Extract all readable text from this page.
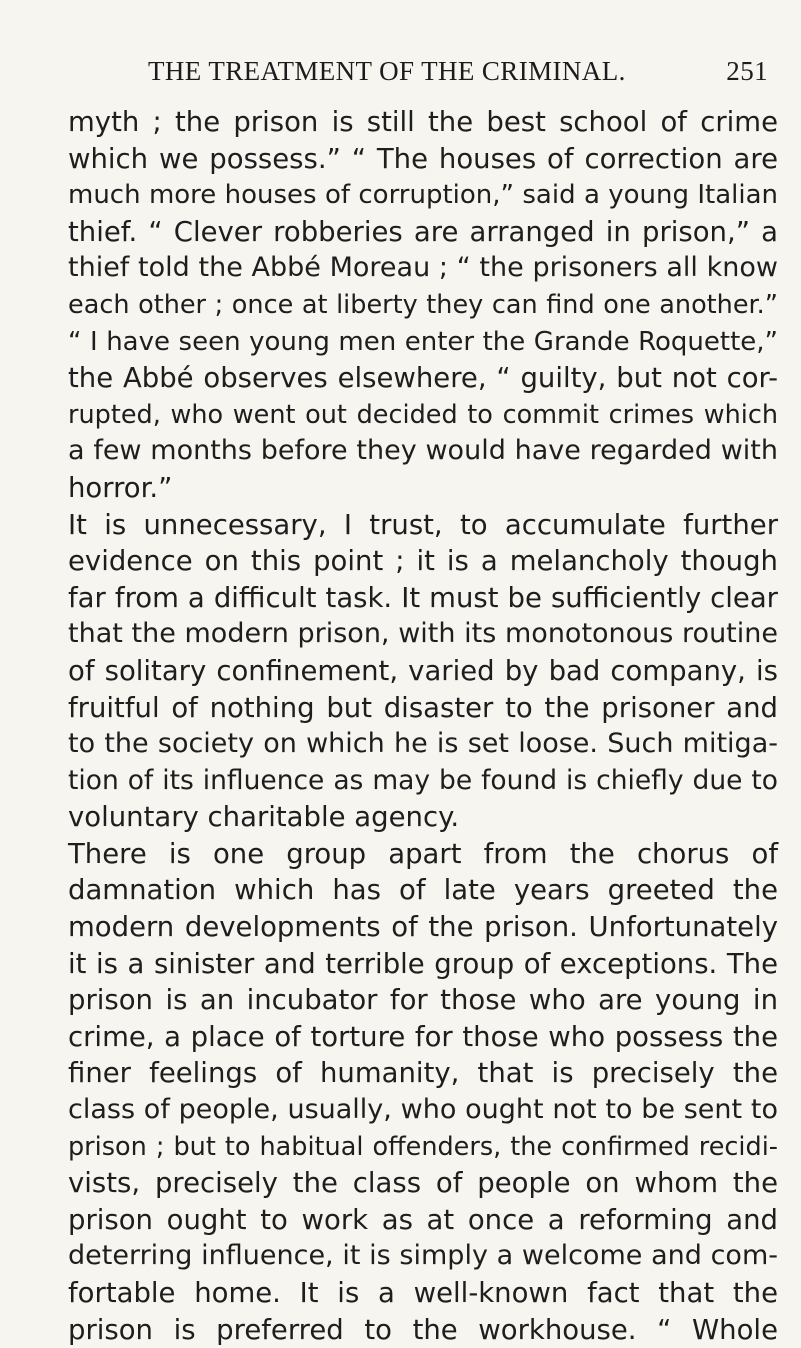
THE TREATMENT OF THE CRIMINAL.	251
myth ; the prison is still the best school of crime
which we possess.” “ The houses of correction are
much more houses of corruption,” said a young Italian
thief. “ Clever robberies are arranged in prison,” a
thief told the Abbé Moreau ; “ the prisoners all know
each other ; once at liberty they can find one another.”
“ I have seen young men enter the Grande Roquette,”
the Abbé observes elsewhere, “ guilty, but not cor-
rupted, who went out decided to commit crimes which
a few months before they would have regarded with
horror.”
It is unnecessary, I trust, to accumulate further
evidence on this point ; it is a melancholy though
far from a difficult task. It must be sufficiently clear
that the modern prison, with its monotonous routine
of solitary confinement, varied by bad company, is
fruitful of nothing but disaster to the prisoner and
to the society on which he is set loose. Such mitiga-
tion of its influence as may be found is chiefly due to
voluntary charitable agency.
There is one group apart from the chorus of
damnation which has of late years greeted the
modern developments of the prison. Unfortunately
it is a sinister and terrible group of exceptions. The
prison is an incubator for those who are young in
crime, a place of torture for those who possess the
finer feelings of humanity, that is precisely the
class of people, usually, who ought not to be sent to
prison ; but to habitual offenders, the confirmed recidi-
vists, precisely the class of people on whom the
prison ought to work as at once a reforming and
deterring influence, it is simply a welcome and com-
fortable home. It is a well-known fact that the
prison is preferred to the workhouse. “ Whole
